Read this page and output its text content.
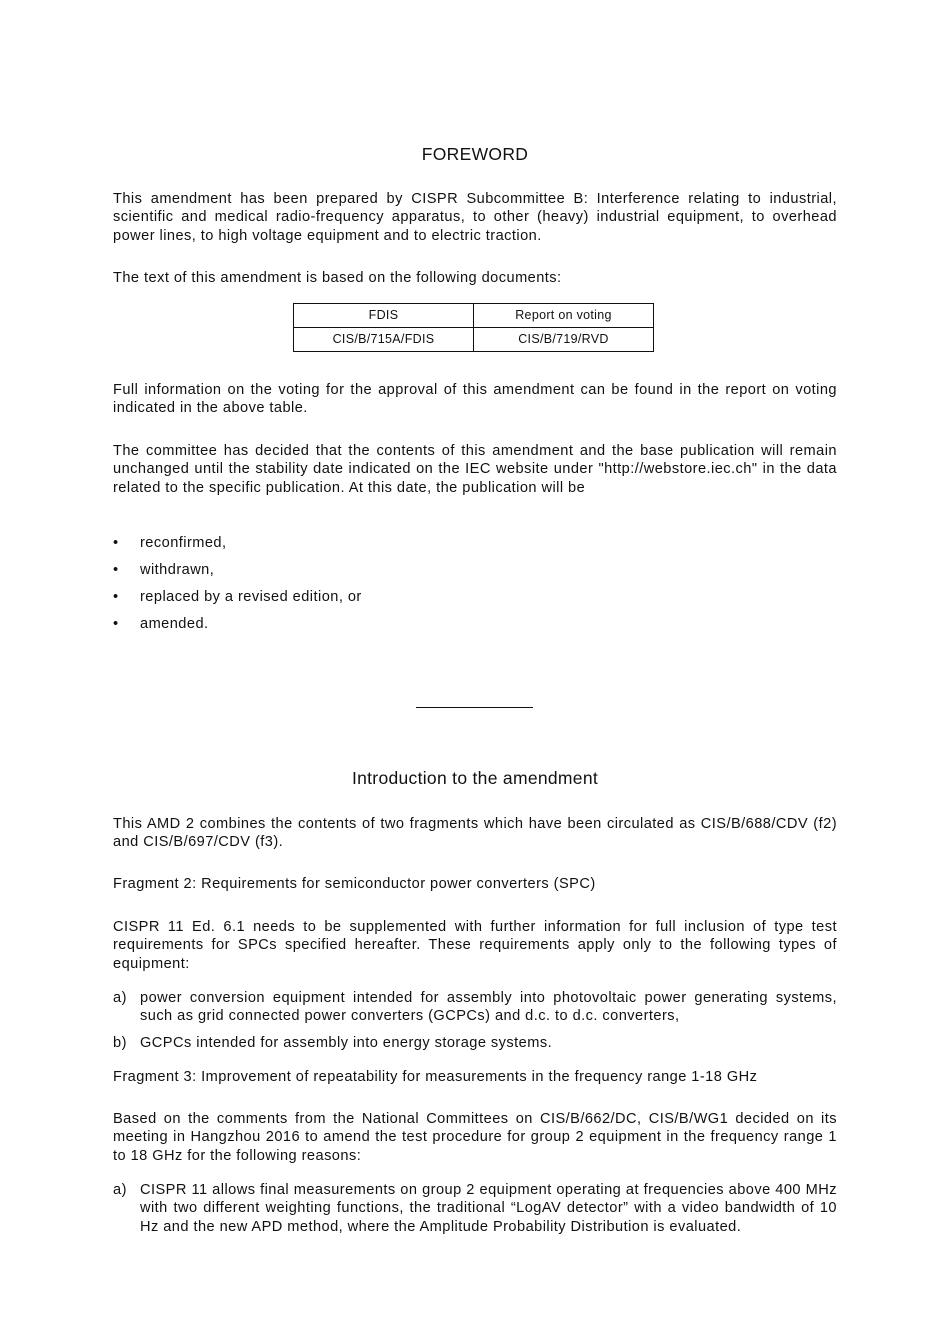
FOREWORD

This amendment has been prepared by CISPR Subcommittee B: Interference relating to industrial, scientific and medical radio-frequency apparatus, to other (heavy) industrial equipment, to overhead power lines, to high voltage equipment and to electric traction.

The text of this amendment is based on the following documents:

FDIS	Report on voting
CIS/B/715A/FDIS	CIS/B/719/RVD

Full information on the voting for the approval of this amendment can be found in the report on voting indicated in the above table.

The committee has decided that the contents of this amendment and the base publication will remain unchanged until the stability date indicated on the IEC website under "http://webstore.iec.ch" in the data related to the specific publication. At this date, the publication will be

• reconfirmed,
• withdrawn,
• replaced by a revised edition, or
• amended.
Introduction to the amendment

This AMD 2 combines the contents of two fragments which have been circulated as CIS/B/688/CDV (f2) and CIS/B/697/CDV (f3).

Fragment 2: Requirements for semiconductor power converters (SPC)

CISPR 11 Ed. 6.1 needs to be supplemented with further information for full inclusion of type test requirements for SPCs specified hereafter. These requirements apply only to the following types of equipment:

a) power conversion equipment intended for assembly into photovoltaic power generating systems, such as grid connected power converters (GCPCs) and d.c. to d.c. converters,
b) GCPCs intended for assembly into energy storage systems.

Fragment 3: Improvement of repeatability for measurements in the frequency range 1-18 GHz

Based on the comments from the National Committees on CIS/B/662/DC, CIS/B/WG1 decided on its meeting in Hangzhou 2016 to amend the test procedure for group 2 equipment in the frequency range 1 to 18 GHz for the following reasons:

a) CISPR 11 allows final measurements on group 2 equipment operating at frequencies above 400 MHz with two different weighting functions, the traditional “LogAV detector” with a video bandwidth of 10 Hz and the new APD method, where the Amplitude Probability Distribution is evaluated.
